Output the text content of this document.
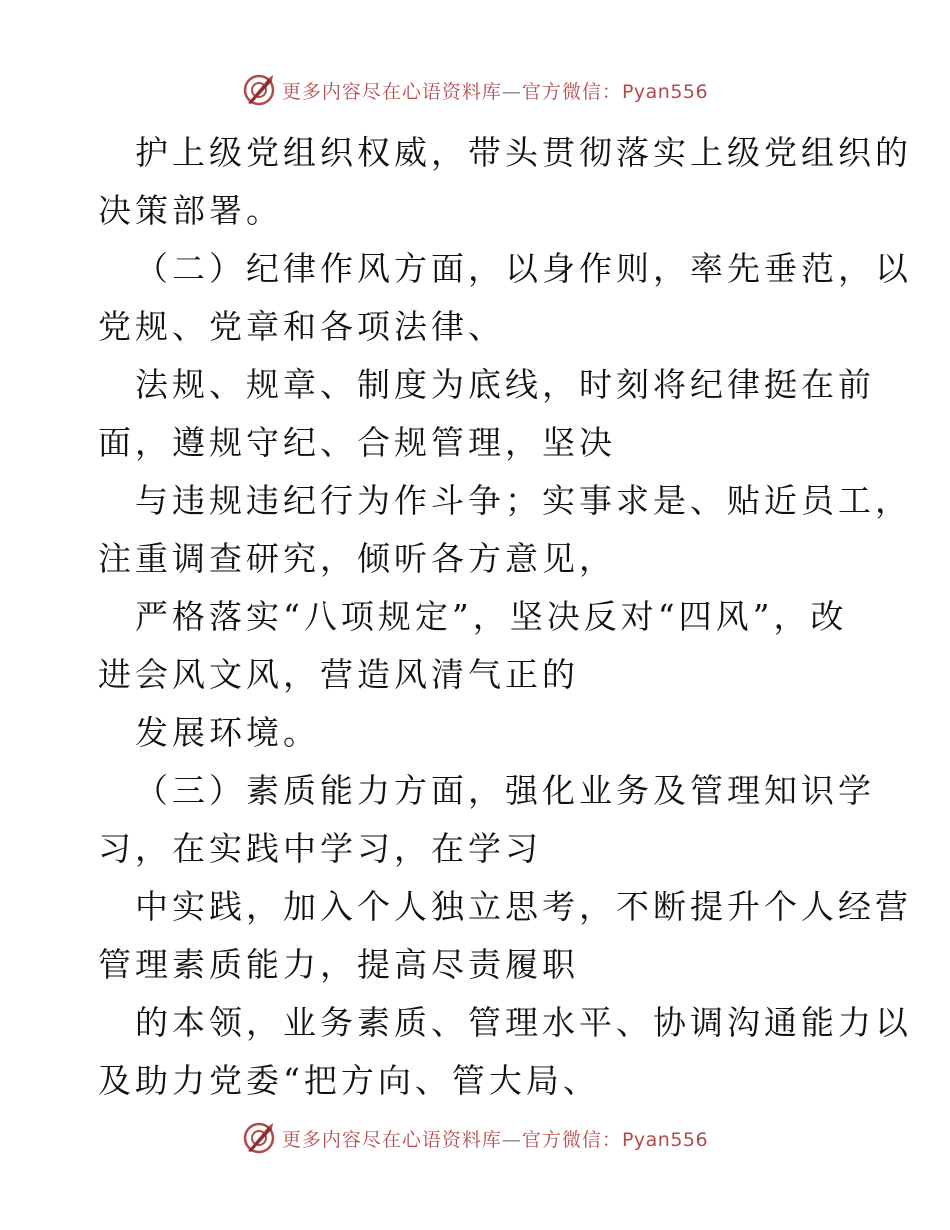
更多内容尽在心语资料库—官方微信：Pyan556
护上级党组织权威，带头贯彻落实上级党组织的
决策部署。
（二）纪律作风方面，以身作则，率先垂范，以
党规、党章和各项法律、
法规、规章、制度为底线，时刻将纪律挺在前
面，遵规守纪、合规管理，坚决
与违规违纪行为作斗争；实事求是、贴近员工，
注重调查研究，倾听各方意见，
严格落实“八项规定”，坚决反对“四风”，改
进会风文风，营造风清气正的
发展环境。
（三）素质能力方面，强化业务及管理知识学
习，在实践中学习，在学习
中实践，加入个人独立思考，不断提升个人经营
管理素质能力，提高尽责履职
的本领，业务素质、管理水平、协调沟通能力以
及助力党委“把方向、管大局、
更多内容尽在心语资料库—官方微信：Pyan556
